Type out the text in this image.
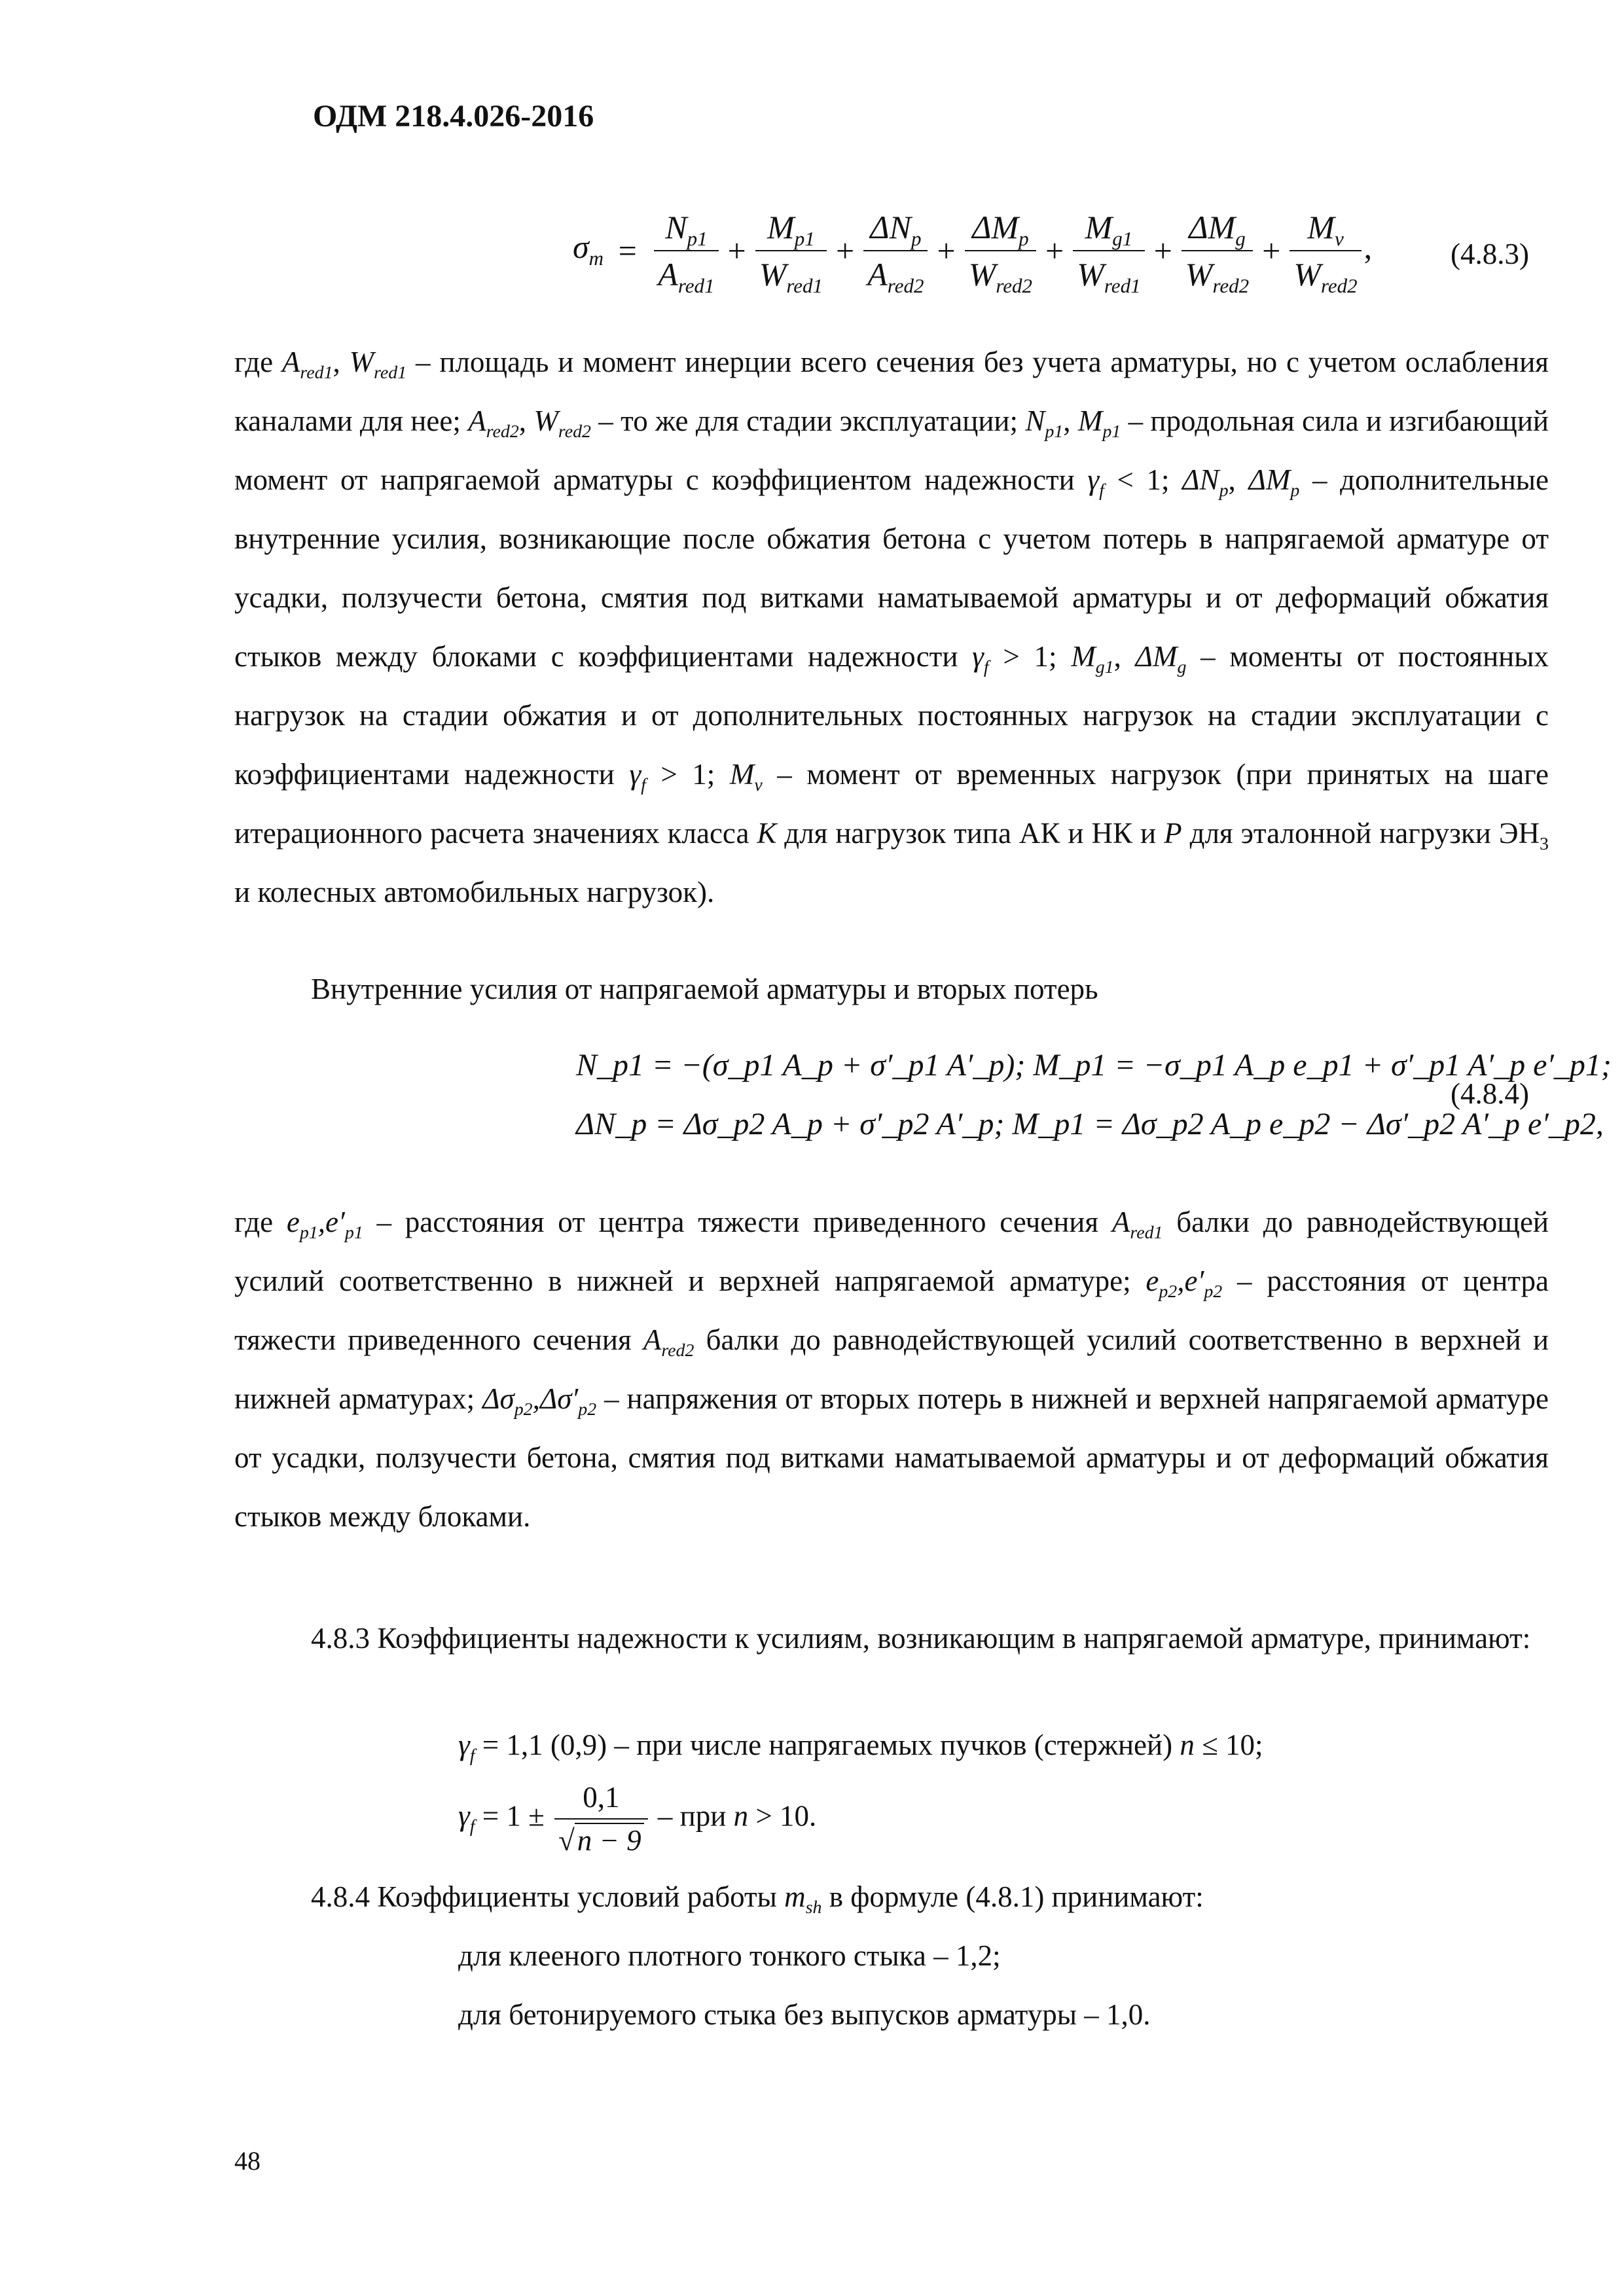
ОДМ 218.4.026-2016
$\sigma_m = \frac{N_{p1}}{A_{red1}} + \frac{M_{p1}}{W_{red1}} + \frac{\Delta N_p}{A_{red2}} + \frac{\Delta M_p}{W_{red2}} + \frac{M_{g1}}{W_{red1}} + \frac{\Delta M_g}{W_{red2}} + \frac{M_v}{W_{red2}}$ ,	(4.8.3)

где $A_{red1}$, $W_{red1}$ – площадь и момент инерции всего сечения без учета арматуры, но с учетом ослабления каналами для нее; $A_{red2}$, $W_{red2}$ – то же для стадии эксплуатации; $N_{p1}$, $M_{p1}$ – продольная сила и изгибающий момент от напрягаемой арматуры с коэффициентом надежности $\gamma_f < 1$; $\Delta N_p$, $\Delta M_p$ – дополнительные внутренние усилия, возникающие после обжатия бетона с учетом потерь в напрягаемой арматуре от усадки, ползучести бетона, смятия под витками наматываемой арматуры и от деформаций обжатия стыков между блоками с коэффициентами надежности $\gamma_f > 1$; $M_{g1}$, $\Delta M_g$ – моменты от постоянных нагрузок на стадии обжатия и от дополнительных постоянных нагрузок на стадии эксплуатации с коэффициентами надежности $\gamma_f > 1$; $M_v$ – момент от временных нагрузок (при принятых на шаге итерационного расчета значениях класса К для нагрузок типа АК и НК и Р для эталонной нагрузки $ЭН_3$ и колесных автомобильных нагрузок).

Внутренние усилия от напрягаемой арматуры и вторых потерь

N_p1 = −(σ_p1 A_p + σ′_p1 A′_p); M_p1 = −σ_p1 A_p e_p1 + σ′_p1 A′_p e′_p1;
ΔN_p = Δσ_p2 A_p + σ′_p2 A′_p; M_p1 = Δσ_p2 A_p e_p2 − Δσ′_p2 A′_p e′_p2,
(4.8.4)

где $e_{p1},e'_{p1}$ – расстояния от центра тяжести приведенного сечения $A_{red1}$ балки до равнодействующей усилий соответственно в нижней и верхней напрягаемой арматуре; $e_{p2},e'_{p2}$ – расстояния от центра тяжести приведенного сечения $A_{red2}$ балки до равнодействующей усилий соответственно в верхней и нижней арматурах; $\Delta\sigma_{p2},\Delta\sigma'_{p2}$ – напряжения от вторых потерь в нижней и верхней напрягаемой арматуре от усадки, ползучести бетона, смятия под витками наматываемой арматуры и от деформаций обжатия стыков между блоками.

4.8.3 Коэффициенты надежности к усилиям, возникающим в напрягаемой арматуре, принимают:

$\gamma_f = 1,1$ (0,9) – при числе напрягаемых пучков (стержней) n ≤ 10;
$\gamma_f = 1 \pm \frac{0,1}{√n - 9}$ – при n > 10.
4.8.4 Коэффициенты условий работы $m_{sh}$ в формуле (4.8.1) принимают:
для клееного плотного тонкого стыка – 1,2;
для бетонируемого стыка без выпусков арматуры – 1,0.
48
